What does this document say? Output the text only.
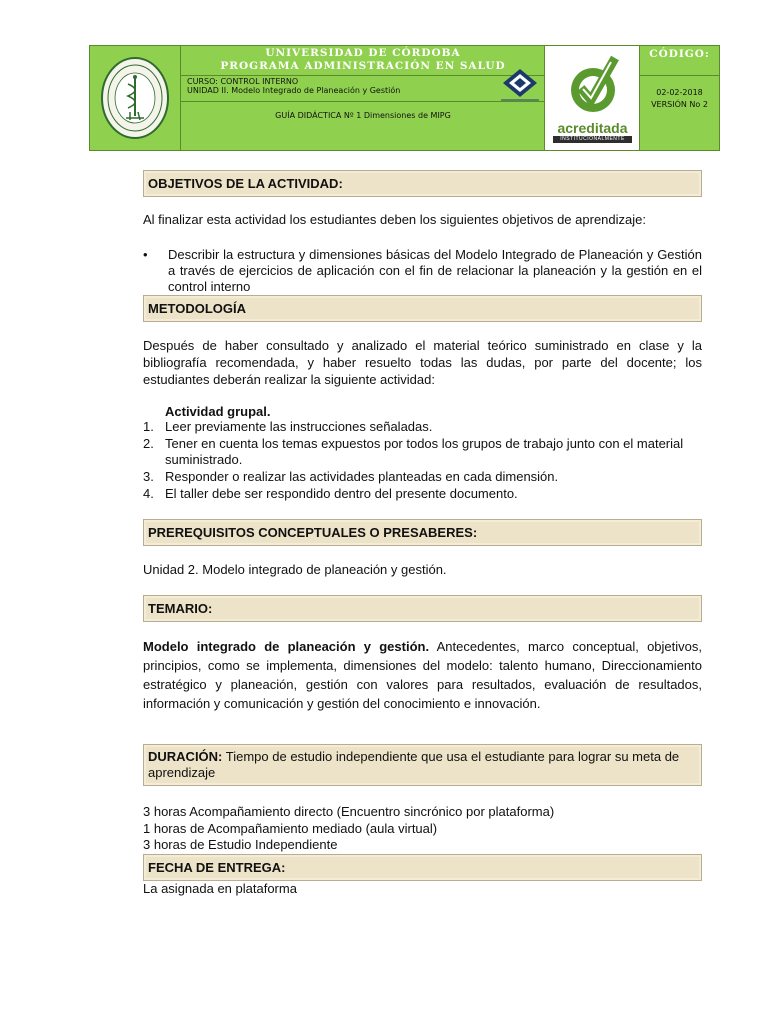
UNIVERSIDAD DE CÓRDOBA
PROGRAMA ADMINISTRACIÓN EN SALUD
CURSO: CONTROL INTERNO
UNIDAD II. Modelo Integrado de Planeación y Gestión
GUÍA DIDÁCTICA Nº 1 Dimensiones de MIPG
acreditada
INSTITUCIONALMENTE
CÓDIGO:
02-02-2018
VERSIÓN No 2
OBJETIVOS DE LA ACTIVIDAD:
Al finalizar esta actividad los estudiantes deben los siguientes objetivos de aprendizaje:
• Describir la estructura y dimensiones básicas del Modelo Integrado de Planeación y Gestión a través de ejercicios de aplicación con el fin de relacionar la planeación y la gestión en el control interno
METODOLOGÍA
Después de haber consultado y analizado el material teórico suministrado en clase y la bibliografía recomendada, y haber resuelto todas las dudas, por parte del docente; los estudiantes deberán realizar la siguiente actividad:
Actividad grupal.
1. Leer previamente las instrucciones señaladas.
2. Tener en cuenta los temas expuestos por todos los grupos de trabajo junto con el material suministrado.
3. Responder o realizar las actividades planteadas en cada dimensión.
4. El taller debe ser respondido dentro del presente documento.
PREREQUISITOS CONCEPTUALES O PRESABERES:
Unidad 2. Modelo integrado de planeación y gestión.
TEMARIO:
Modelo integrado de planeación y gestión. Antecedentes, marco conceptual, objetivos, principios, como se implementa, dimensiones del modelo: talento humano, Direccionamiento estratégico y planeación, gestión con valores para resultados, evaluación de resultados, información y comunicación y gestión del conocimiento e innovación.
DURACIÓN: Tiempo de estudio independiente que usa el estudiante para lograr su meta de aprendizaje
3 horas Acompañamiento directo (Encuentro sincrónico por plataforma)
1 horas de Acompañamiento mediado (aula virtual)
3 horas de Estudio Independiente
FECHA DE ENTREGA:
La asignada en plataforma
